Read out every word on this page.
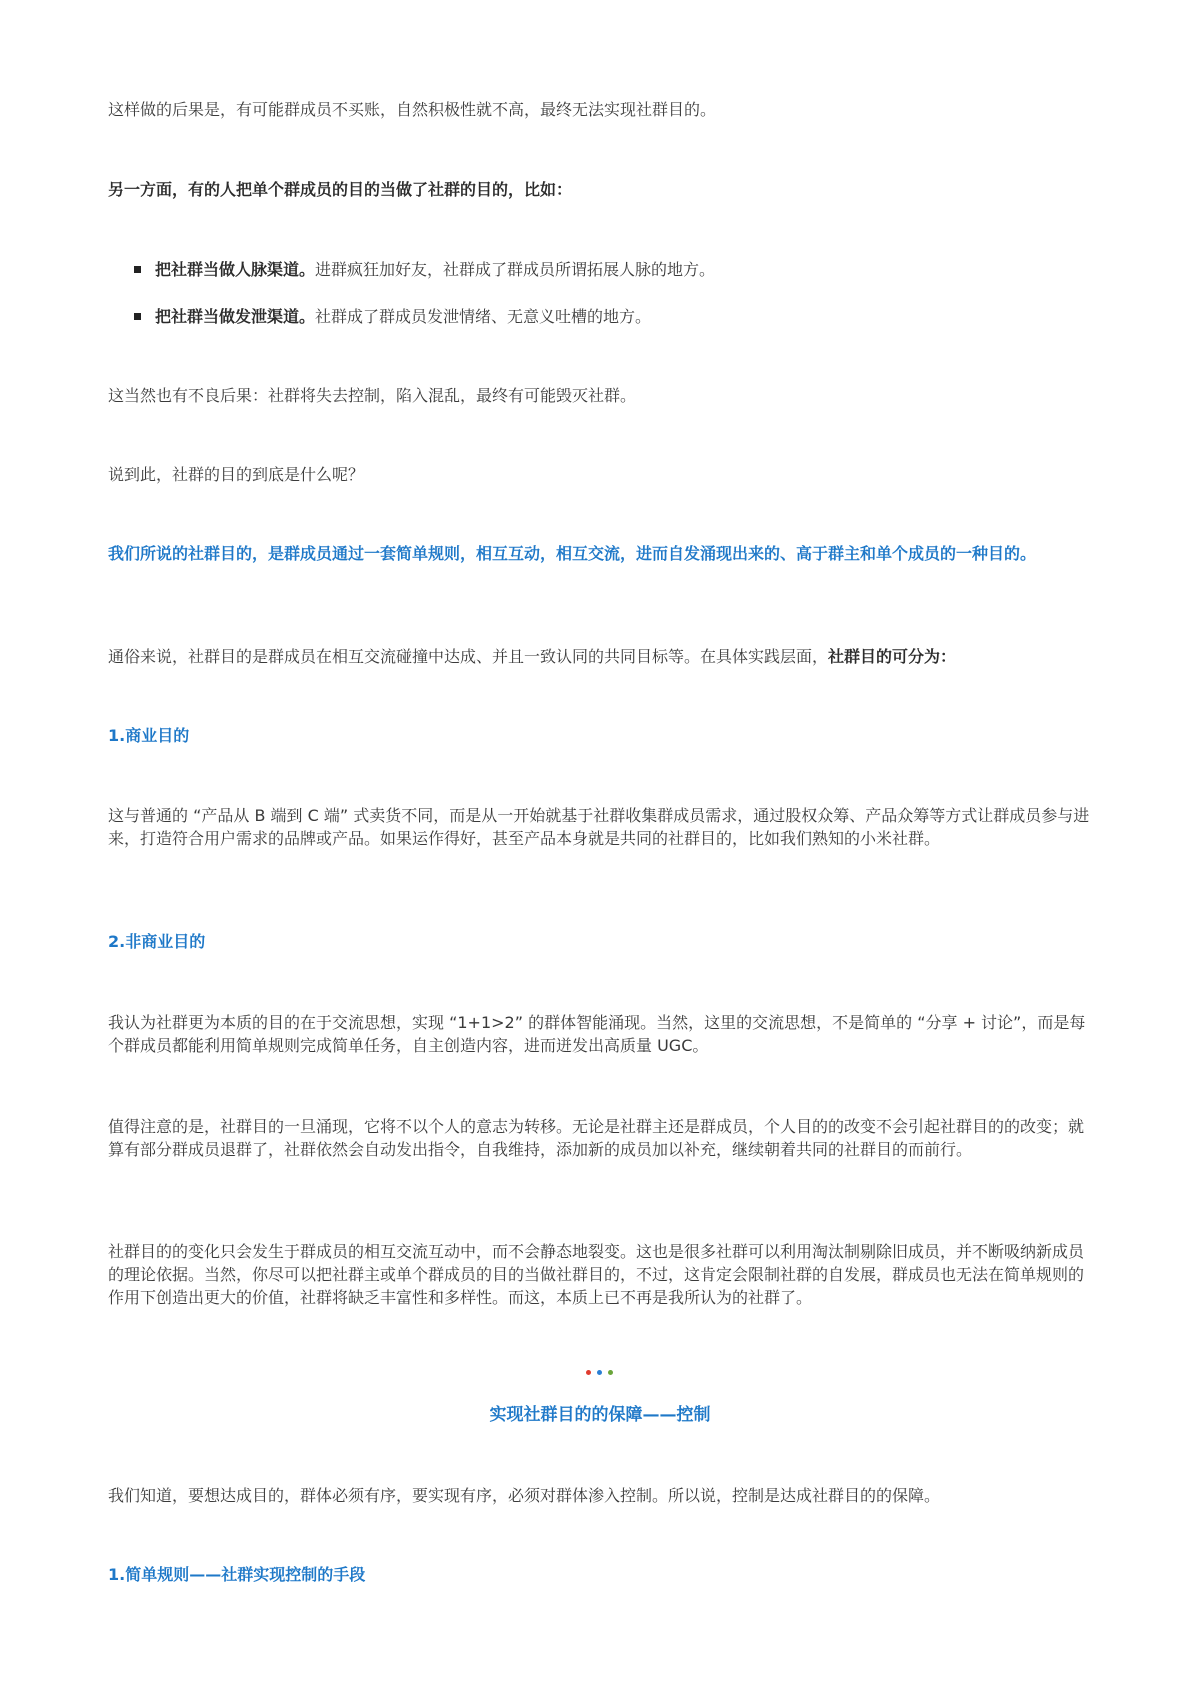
这样做的后果是，有可能群成员不买账，自然积极性就不高，最终无法实现社群目的。

另一方面，有的人把单个群成员的目的当做了社群的目的，比如：

把社群当做人脉渠道。进群疯狂加好友，社群成了群成员所谓拓展人脉的地方。
把社群当做发泄渠道。社群成了群成员发泄情绪、无意义吐槽的地方。

这当然也有不良后果：社群将失去控制，陷入混乱，最终有可能毁灭社群。

说到此，社群的目的到底是什么呢？

我们所说的社群目的，是群成员通过一套简单规则，相互互动，相互交流，进而自发涌现出来的、高于群主和单个成员的一种目的。

通俗来说，社群目的是群成员在相互交流碰撞中达成、并且一致认同的共同目标等。在具体实践层面，社群目的可分为：

1.商业目的

这与普通的 “产品从 B 端到 C 端” 式卖货不同，而是从一开始就基于社群收集群成员需求，通过股权众筹、产品众筹等方式让群成员参与进来，打造符合用户需求的品牌或产品。如果运作得好，甚至产品本身就是共同的社群目的，比如我们熟知的小米社群。

2.非商业目的

我认为社群更为本质的目的在于交流思想，实现 “1+1>2” 的群体智能涌现。当然，这里的交流思想，不是简单的 “分享 + 讨论”，而是每个群成员都能利用简单规则完成简单任务，自主创造内容，进而迸发出高质量 UGC。

值得注意的是，社群目的一旦涌现，它将不以个人的意志为转移。无论是社群主还是群成员，个人目的的改变不会引起社群目的的改变；就算有部分群成员退群了，社群依然会自动发出指令，自我维持，添加新的成员加以补充，继续朝着共同的社群目的而前行。

社群目的的变化只会发生于群成员的相互交流互动中，而不会静态地裂变。这也是很多社群可以利用淘汰制剔除旧成员，并不断吸纳新成员的理论依据。当然，你尽可以把社群主或单个群成员的目的当做社群目的，不过，这肯定会限制社群的自发展，群成员也无法在简单规则的作用下创造出更大的价值，社群将缺乏丰富性和多样性。而这，本质上已不再是我所认为的社群了。

实现社群目的的保障——控制

我们知道，要想达成目的，群体必须有序，要实现有序，必须对群体渗入控制。所以说，控制是达成社群目的的保障。

1.简单规则——社群实现控制的手段
